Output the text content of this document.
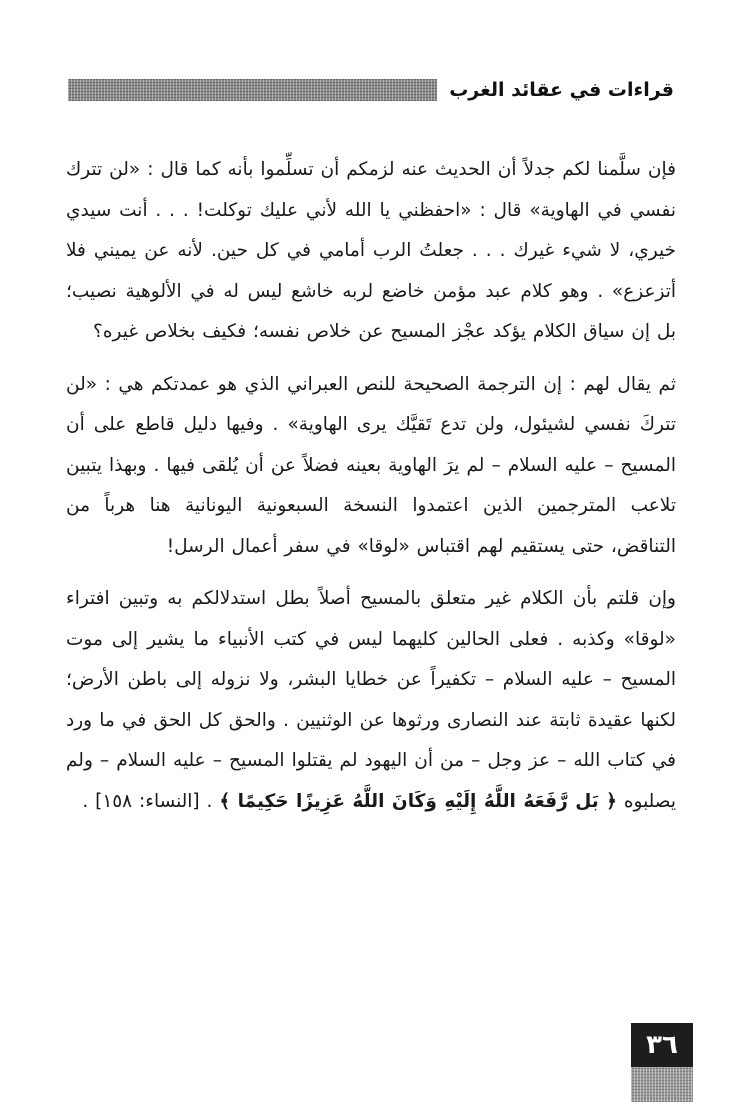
قراءات في عقائد الغرب

فإن سلَّمنا لكم جدلاً أن الحديث عنه لزمكم أن تسلِّموا بأنه كما قال : «لن تترك نفسي في الهاوية» قال : «احفظني يا الله لأني عليك توكلت! . . . أنت سيدي خيري، لا شيء غيرك . . . جعلتُ الرب أمامي في كل حين. لأنه عن يميني فلا أتزعزع» . وهو كلام عبد مؤمن خاضع لربه خاشع ليس له في الألوهية نصيب؛ بل إن سياق الكلام يؤكد عجْز المسيح عن خلاص نفسه؛ فكيف بخلاص غيره؟

ثم يقال لهم : إن الترجمة الصحيحة للنص العبراني الذي هو عمدتكم هي : «لن تتركَ نفسي لشيئول، ولن تدع تَقيَّك يرى الهاوية» . وفيها دليل قاطع على أن المسيح – عليه السلام – لم يرَ الهاوية بعينه فضلاً عن أن يُلقى فيها . وبهذا يتبين تلاعب المترجمين الذين اعتمدوا النسخة السبعونية اليونانية هنا هرباً من التناقض، حتى يستقيم لهم اقتباس «لوقا» في سفر أعمال الرسل!

وإن قلتم بأن الكلام غير متعلق بالمسيح أصلاً بطل استدلالكم به وتبين افتراء «لوقا» وكذبه . فعلى الحالين كليهما ليس في كتب الأنبياء ما يشير إلى موت المسيح – عليه السلام – تكفيراً عن خطايا البشر، ولا نزوله إلى باطن الأرض؛ لكنها عقيدة ثابتة عند النصارى ورثوها عن الوثنيين . والحق كل الحق في ما ورد في كتاب الله – عز وجل – من أن اليهود لم يقتلوا المسيح – عليه السلام – ولم يصلبوه ﴿ بَل رَّفَعَهُ اللَّهُ إِلَيْهِ وَكَانَ اللَّهُ عَزِيزًا حَكِيمًا ﴾ . [النساء: ١٥٨] .

٣٦
